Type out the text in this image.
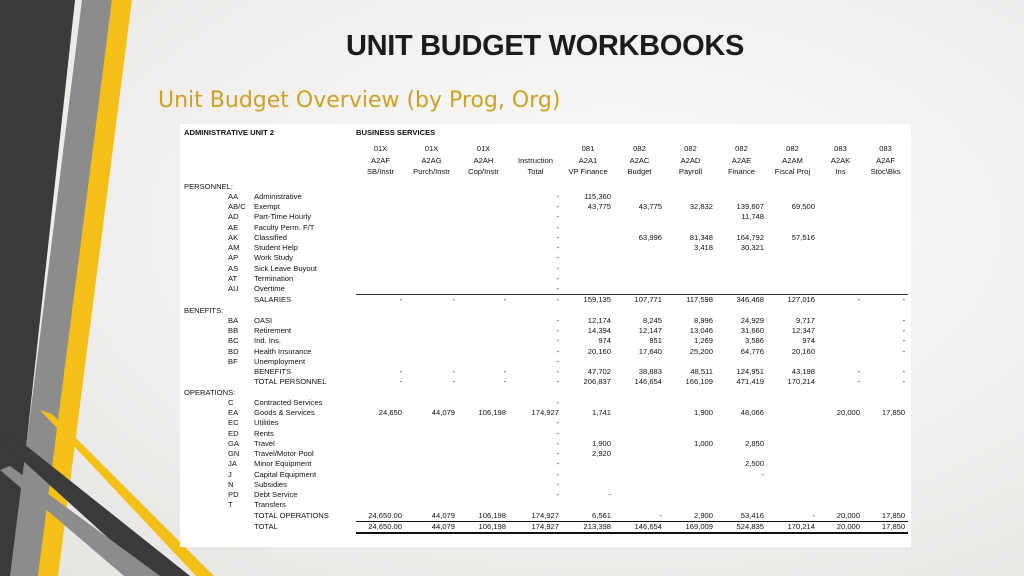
UNIT BUDGET WORKBOOKS
Unit Budget Overview (by Prog, Org)
ADMINISTRATIVE UNIT 2		BUSINESS SERVICES										

		01X	01X	01X		081	082	082	082	082	083	083
		A2AF	A2AG	A2AH	Instruction	A2A1	A2AC	A2AD	A2AE	A2AM	A2AK	A2AF
		SB/Instr	Purch/Instr	Cop/Instr	Total	VP Finance	Budget	Payroll	Finance	Fiscal Proj	Ins	Stoc\Bks

PERSONNEL:												
AA	Administrative				-	115,360						
AB/C	Exempt				-	43,775	43,775	32,832	139,607	69,500		
AD	Part-Time Hourly				-				11,748			
AE	Faculty Perm. F/T				-							
AK	Classified				-		63,996	81,348	164,792	57,516		
AM	Student Help				-			3,418	30,321			
AP	Work Study				-							
AS	Sick Leave Buyout				-							
AT	Termination				-							
AU	Overtime				-							
	SALARIES	-	-	-	-	159,135	107,771	117,598	346,468	127,016	-	-
BENEFITS:												
BA	OASI				-	12,174	8,245	8,996	24,929	9,717		-
BB	Retirement				-	14,394	12,147	13,046	31,660	12,347		-
BC	Ind. Ins.				-	974	851	1,269	3,586	974		-
BD	Health Insurance				-	20,160	17,640	25,200	64,776	20,160		-
BF	Unemployment				-							
	BENEFITS	-	-	-	-	47,702	38,883	48,511	124,951	43,198	-	-
	TOTAL PERSONNEL	-	-	-	-	206,837	146,654	166,109	471,419	170,214	-	-
OPERATIONS:												
C	Contracted Services				-							
EA	Goods & Services	24,650	44,079	106,198	174,927	1,741		1,900	48,066		20,000	17,850
EC	Utilities				-							
ED	Rents				-							
GA	Travel				-	1,900		1,000	2,850			
GN	Travel/Motor Pool				-	2,920						
JA	Minor Equipment				-				2,500			
J	Capital Equipment				-				-			
N	Subsidies				-							
PD	Debt Service				-	-						
T	Transfers											
	TOTAL OPERATIONS	24,650.00	44,079	106,198	174,927	6,561	-	2,900	53,416	-	20,000	17,850
	TOTAL	24,650.00	44,079	106,198	174,927	213,398	146,654	169,009	524,835	170,214	20,000	17,850
